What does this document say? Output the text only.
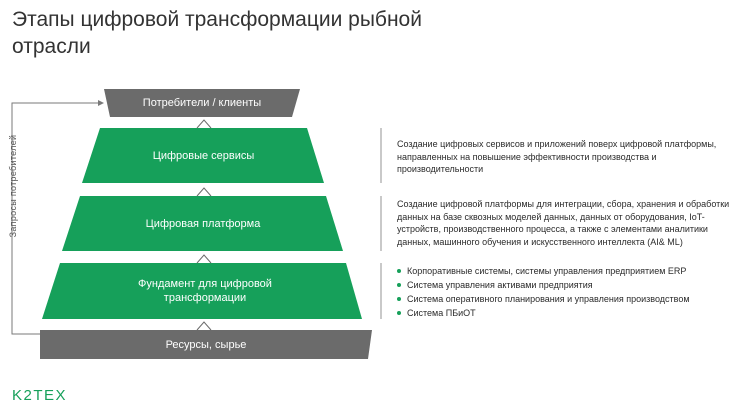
Этапы цифровой трансформации рыбной отрасли
Запросы потребителей
Потребители / клиенты
Цифровые сервисы
Цифровая платформа
Фундамент для цифровой трансформации
Ресурсы, сырье
Создание цифровых сервисов и приложений поверх цифровой платформы, направленных на повышение эффективности производства и производительности
Создание цифровой платформы для интеграции, сбора, хранения и обработки данных на базе сквозных моделей данных, данных от оборудования, IoT-устройств, производственного процесса, а также с элементами аналитики данных, машинного обучения и искусственного интеллекта (AI& ML)
Корпоративные системы, системы управления предприятием ERP
Система управления активами предприятия
Система оперативного планирования и управления производством
Система ПБиОТ
K2TEX
